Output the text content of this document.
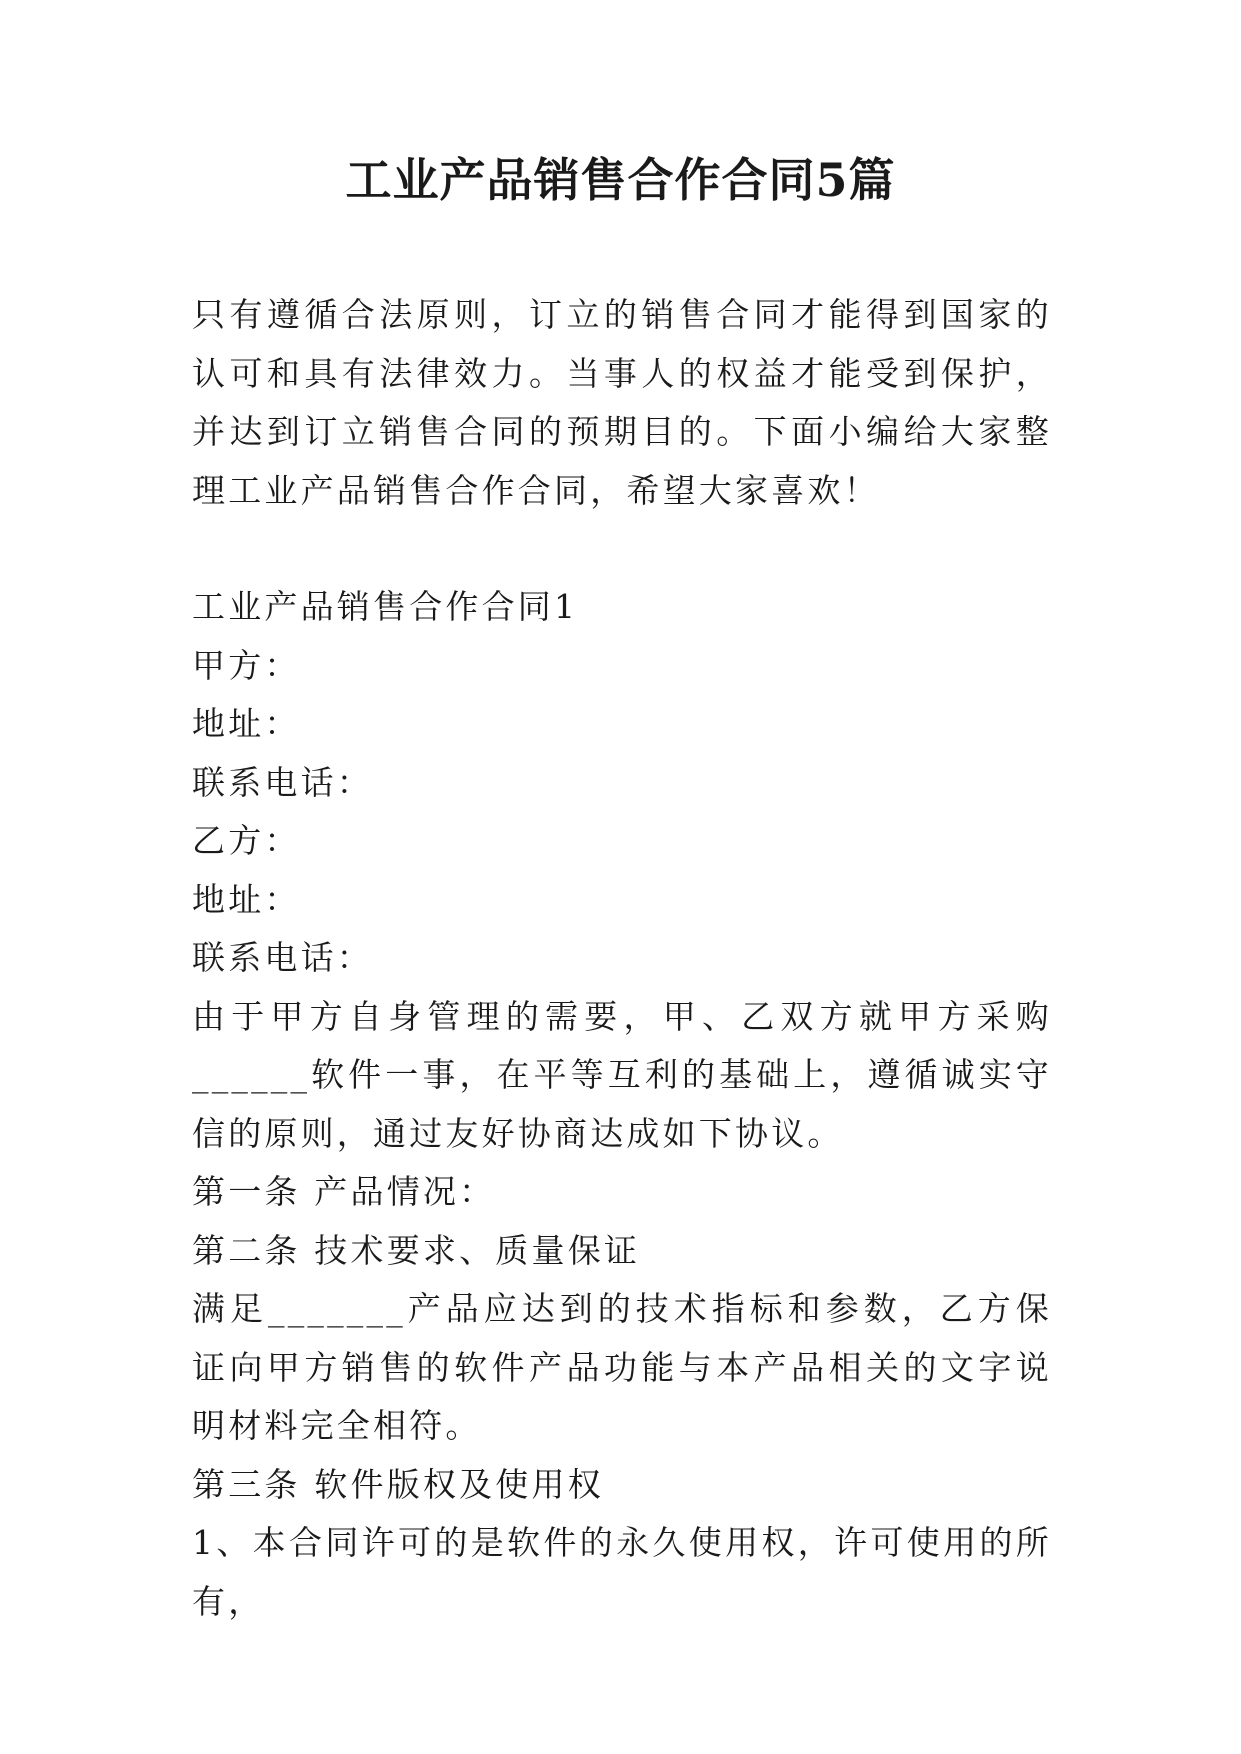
工业产品销售合作合同5篇

只有遵循合法原则，订立的销售合同才能得到国家的认可和具有法律效力。当事人的权益才能受到保护，并达到订立销售合同的预期目的。下面小编给大家整理工业产品销售合作合同，希望大家喜欢！

工业产品销售合作合同1

甲方：

地址：

联系电话：

乙方：

地址：

联系电话：

由于甲方自身管理的需要，甲、乙双方就甲方采购______软件一事，在平等互利的基础上，遵循诚实守信的原则，通过友好协商达成如下协议。

第一条 产品情况：

第二条 技术要求、质量保证

满足_______产品应达到的技术指标和参数，乙方保证向甲方销售的软件产品功能与本产品相关的文字说明材料完全相符。

第三条 软件版权及使用权

1、本合同许可的是软件的永久使用权，许可使用的所有，
